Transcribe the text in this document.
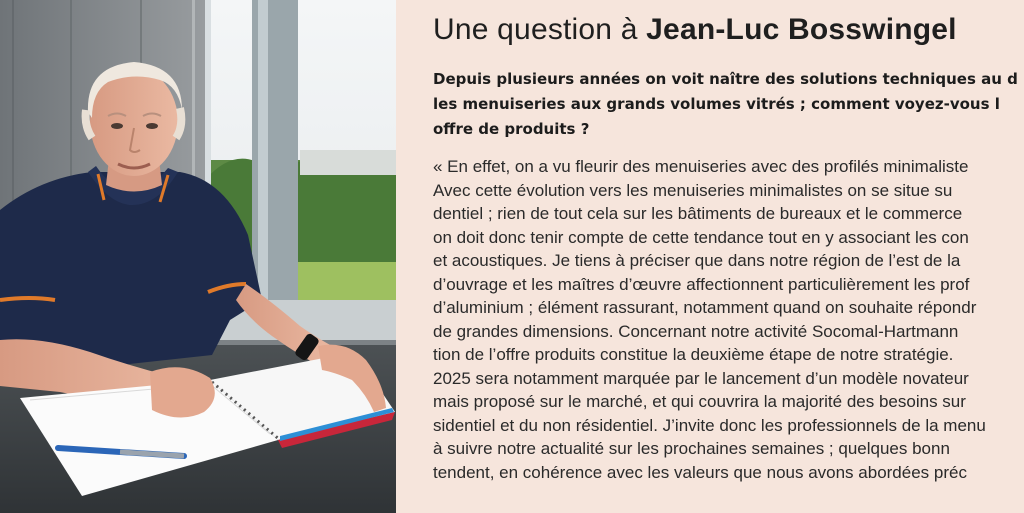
Une question à Jean-Luc Bosswingel
Depuis plusieurs années on voit naître des solutions techniques au d
les menuiseries aux grands volumes vitrés ; comment voyez-vous l
offre de produits ?
« En effet, on a vu fleurir des menuiseries avec des profilés minimaliste
Avec cette évolution vers les menuiseries minimalistes on se situe su
dentiel ; rien de tout cela sur les bâtiments de bureaux et le commerce
on doit donc tenir compte de cette tendance tout en y associant les con
et acoustiques. Je tiens à préciser que dans notre région de l’est de la
d’ouvrage et les maîtres d’œuvre affectionnent particulièrement les prof
d’aluminium ; élément rassurant, notamment quand on souhaite répondr
de grandes dimensions. Concernant notre activité Socomal-Hartmann
tion de l’offre produits constitue la deuxième étape de notre stratégie.
2025 sera notamment marquée par le lancement d’un modèle novateur
mais proposé sur le marché, et qui couvrira la majorité des besoins sur
sidentiel et du non résidentiel. J’invite donc les professionnels de la menu
à suivre notre actualité sur les prochaines semaines ; quelques bonn
tendent, en cohérence avec les valeurs que nous avons abordées préc
